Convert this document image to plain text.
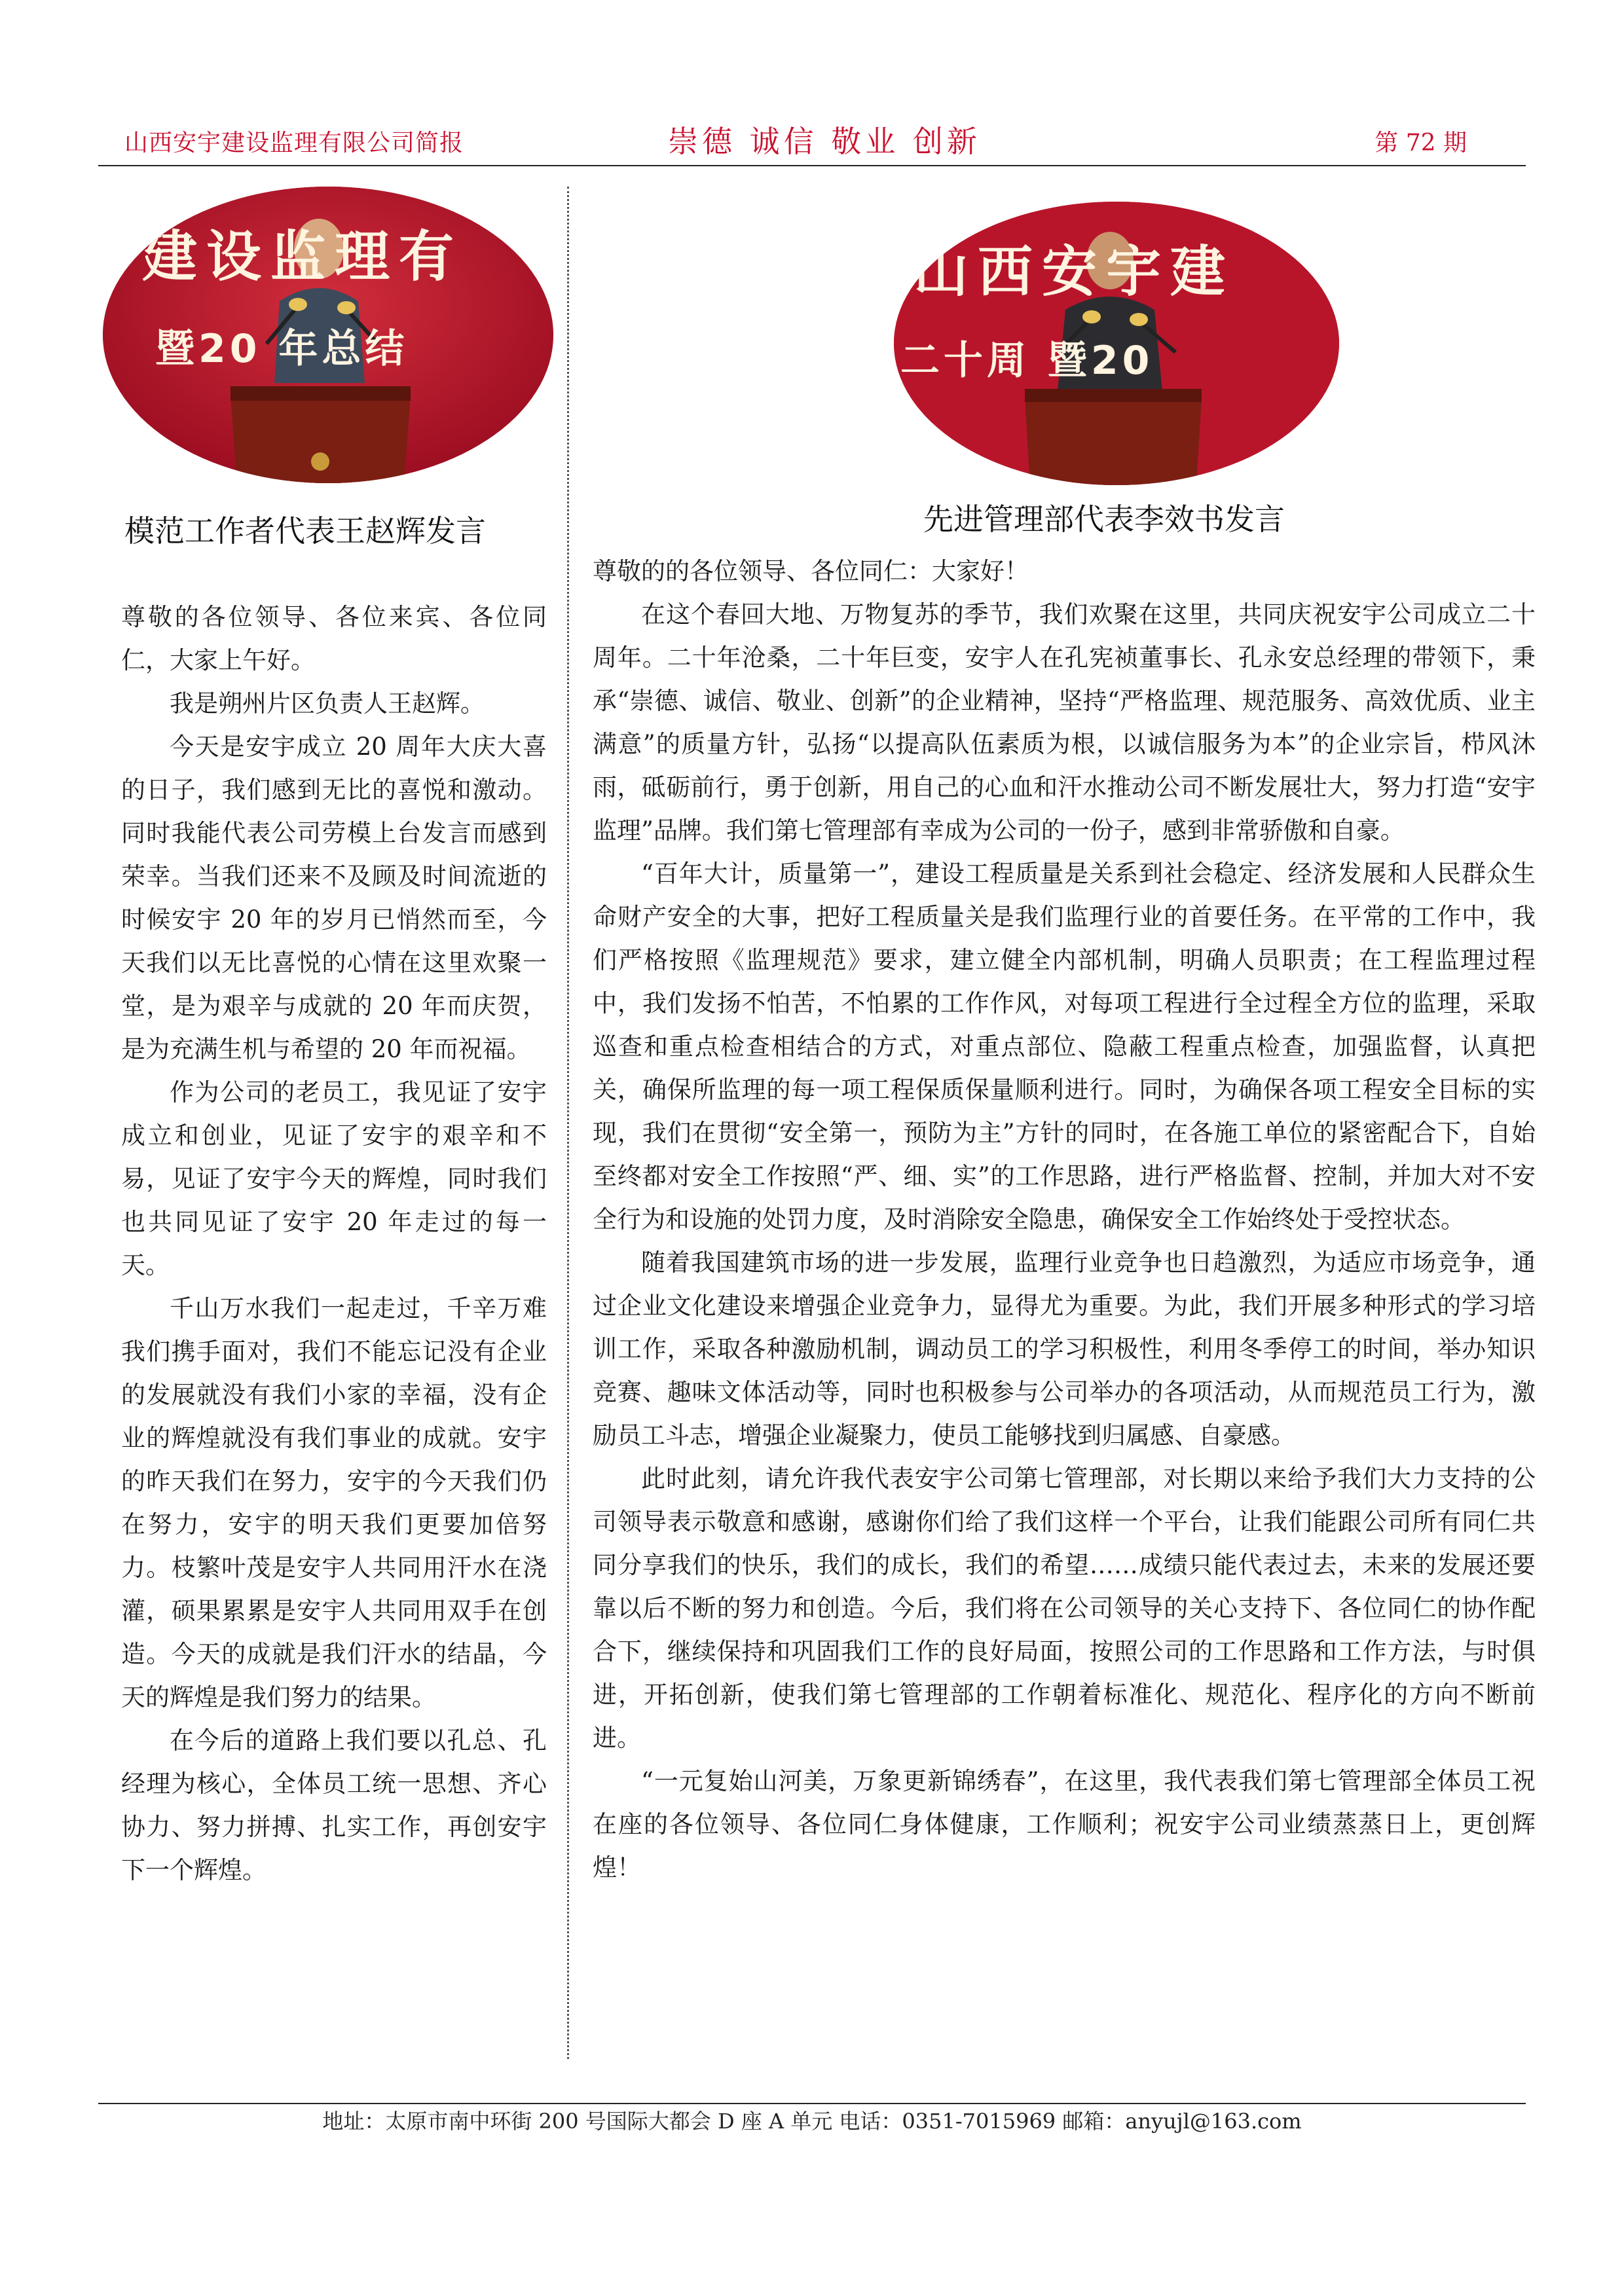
山西安宇建设监理有限公司简报	崇德 诚信 敬业 创新	第 72 期
建设监理有
暨20 年总结
山西安宇建
二十周 暨20
模范工作者代表王赵辉发言	先进管理部代表李效书发言

尊敬的各位领导、各位来宾、各位同仁，大家上午好。

我是朔州片区负责人王赵辉。

今天是安宇成立 20 周年大庆大喜的日子，我们感到无比的喜悦和激动。同时我能代表公司劳模上台发言而感到荣幸。当我们还来不及顾及时间流逝的时候安宇 20 年的岁月已悄然而至，今天我们以无比喜悦的心情在这里欢聚一堂，是为艰辛与成就的 20 年而庆贺，是为充满生机与希望的 20 年而祝福。

作为公司的老员工，我见证了安宇成立和创业，见证了安宇的艰辛和不易，见证了安宇今天的辉煌，同时我们也共同见证了安宇 20 年走过的每一天。

千山万水我们一起走过，千辛万难我们携手面对，我们不能忘记没有企业的发展就没有我们小家的幸福，没有企业的辉煌就没有我们事业的成就。安宇的昨天我们在努力，安宇的今天我们仍在努力，安宇的明天我们更要加倍努力。枝繁叶茂是安宇人共同用汗水在浇灌，硕果累累是安宇人共同用双手在创造。今天的成就是我们汗水的结晶，今天的辉煌是我们努力的结果。

在今后的道路上我们要以孔总、孔经理为核心，全体员工统一思想、齐心协力、努力拼搏、扎实工作，再创安宇下一个辉煌。

尊敬的的各位领导、各位同仁：大家好！

在这个春回大地、万物复苏的季节，我们欢聚在这里，共同庆祝安宇公司成立二十周年。二十年沧桑，二十年巨变，安宇人在孔宪祯董事长、孔永安总经理的带领下，秉承“崇德、诚信、敬业、创新”的企业精神，坚持“严格监理、规范服务、高效优质、业主满意”的质量方针，弘扬“以提高队伍素质为根，以诚信服务为本”的企业宗旨，栉风沐雨，砥砺前行，勇于创新，用自己的心血和汗水推动公司不断发展壮大，努力打造“安宇监理”品牌。我们第七管理部有幸成为公司的一份子，感到非常骄傲和自豪。

“百年大计，质量第一”，建设工程质量是关系到社会稳定、经济发展和人民群众生命财产安全的大事，把好工程质量关是我们监理行业的首要任务。在平常的工作中，我们严格按照《监理规范》要求，建立健全内部机制，明确人员职责；在工程监理过程中，我们发扬不怕苦，不怕累的工作作风，对每项工程进行全过程全方位的监理，采取巡查和重点检查相结合的方式，对重点部位、隐蔽工程重点检查，加强监督，认真把关，确保所监理的每一项工程保质保量顺利进行。同时，为确保各项工程安全目标的实现，我们在贯彻“安全第一，预防为主”方针的同时，在各施工单位的紧密配合下，自始至终都对安全工作按照“严、细、实”的工作思路，进行严格监督、控制，并加大对不安全行为和设施的处罚力度，及时消除安全隐患，确保安全工作始终处于受控状态。

随着我国建筑市场的进一步发展，监理行业竞争也日趋激烈，为适应市场竞争，通过企业文化建设来增强企业竞争力，显得尤为重要。为此，我们开展多种形式的学习培训工作，采取各种激励机制，调动员工的学习积极性，利用冬季停工的时间，举办知识竞赛、趣味文体活动等，同时也积极参与公司举办的各项活动，从而规范员工行为，激励员工斗志，增强企业凝聚力，使员工能够找到归属感、自豪感。

此时此刻，请允许我代表安宇公司第七管理部，对长期以来给予我们大力支持的公司领导表示敬意和感谢，感谢你们给了我们这样一个平台，让我们能跟公司所有同仁共同分享我们的快乐，我们的成长，我们的希望……成绩只能代表过去，未来的发展还要靠以后不断的努力和创造。今后，我们将在公司领导的关心支持下、各位同仁的协作配合下，继续保持和巩固我们工作的良好局面，按照公司的工作思路和工作方法，与时俱进，开拓创新，使我们第七管理部的工作朝着标准化、规范化、程序化的方向不断前进。

“一元复始山河美，万象更新锦绣春”，在这里，我代表我们第七管理部全体员工祝在座的各位领导、各位同仁身体健康，工作顺利；祝安宇公司业绩蒸蒸日上，更创辉煌！

地址：太原市南中环街 200 号国际大都会 D 座 A 单元 电话：0351-7015969 邮箱：anyujl@163.com
